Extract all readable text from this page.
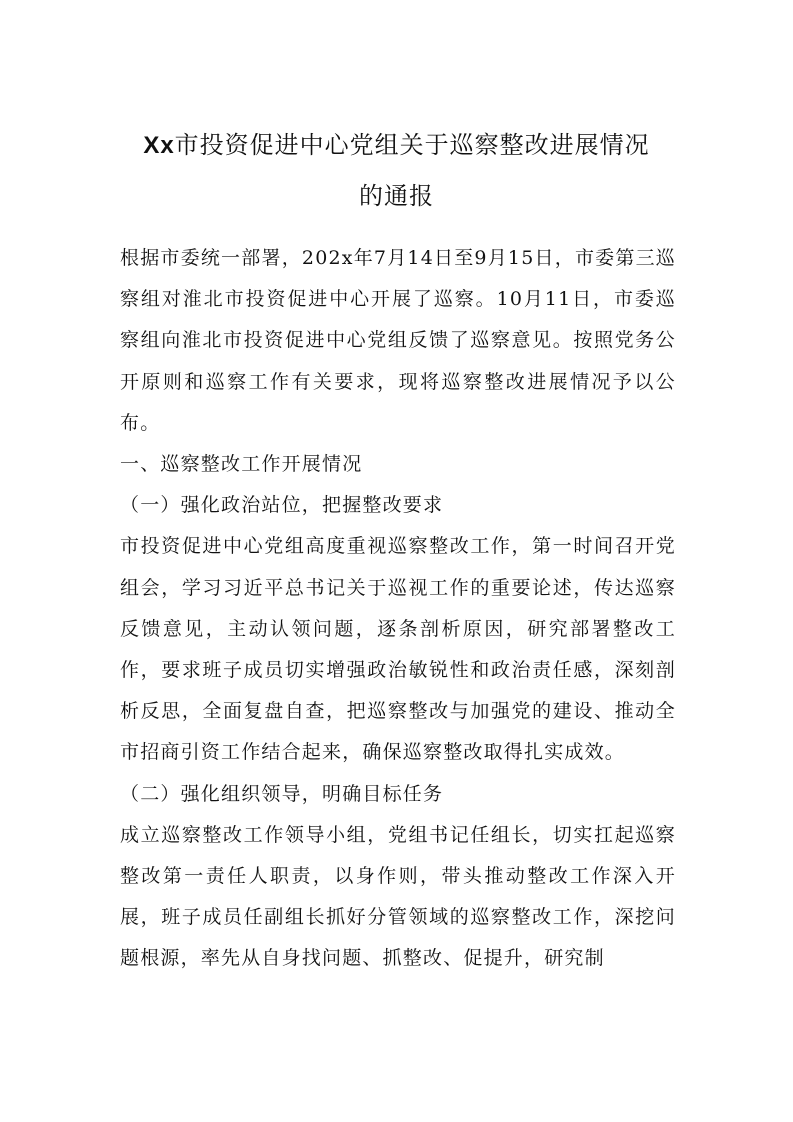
Xx市投资促进中心党组关于巡察整改进展情况
的通报

根据市委统一部署，202x年7月14日至9月15日，市委第三巡察组对淮北市投资促进中心开展了巡察。10月11日，市委巡察组向淮北市投资促进中心党组反馈了巡察意见。按照党务公开原则和巡察工作有关要求，现将巡察整改进展情况予以公布。

一、巡察整改工作开展情况

（一）强化政治站位，把握整改要求

市投资促进中心党组高度重视巡察整改工作，第一时间召开党组会，学习习近平总书记关于巡视工作的重要论述，传达巡察反馈意见，主动认领问题，逐条剖析原因，研究部署整改工作，要求班子成员切实增强政治敏锐性和政治责任感，深刻剖析反思，全面复盘自查，把巡察整改与加强党的建设、推动全市招商引资工作结合起来，确保巡察整改取得扎实成效。

（二）强化组织领导，明确目标任务

成立巡察整改工作领导小组，党组书记任组长，切实扛起巡察整改第一责任人职责，以身作则，带头推动整改工作深入开展，班子成员任副组长抓好分管领域的巡察整改工作，深挖问题根源，率先从自身找问题、抓整改、促提升，研究制
